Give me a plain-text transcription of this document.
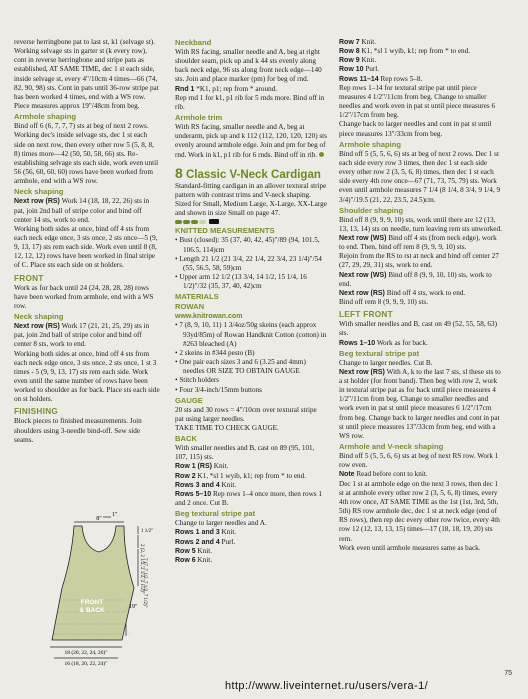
reverse herringbone pat to last st, k1 (selvage st). Working selvage sts in garter st (k every row), cont in reverse herringbone and stripe pats as established, AT SAME TIME, dec 1 st each side, inside selvage st, every 4"/10cm 4 times—66 (74, 82, 90, 98) sts. Cont in pats until 36-row stripe pat has been worked 4 times, end with a WS row.

Piece measures approx 19"/48cm from beg.

Armhole shaping

Bind off 6 (6, 7, 7, 7) sts at beg of next 2 rows. Working dec's inside selvage sts, dec 1 st each side on next row, then every other row 5 (5, 8, 8, 8) times more—42 (50, 50, 58, 66) sts. Re-establishing selvage sts each side, work even until 56 (56, 60, 60, 60) rows have been worked from armhole, end with a WS row.

Neck shaping

Next row (RS) Work 14 (18, 18, 22, 26) sts in pat, join 2nd ball of stripe color and bind off center 14 sts, work to end.

Working both sides at once, bind off 4 sts from each neck edge once, 3 sts once, 2 sts once—5 (9, 9, 13, 17) sts rem each side. Work even until 8 (8, 12, 12, 12) rows have been worked in final stripe of C. Place sts each side on st holders.

FRONT

Work as for back until 24 (24, 28, 28, 28) rows have been worked from armhole, end with a WS row.

Neck shaping

Next row (RS) Work 17 (21, 21, 25, 29) sts in pat, join 2nd ball of stripe color and bind off center 8 sts, work to end.

Working both sides at once, bind off 4 sts from each neck edge once, 3 sts once, 2 sts once, 1 st 3 times - 5 (9, 9, 13, 17) sts rem each side. Work even until the same number of rows have been worked to shoulder as for back. Place sts each side on st holders.

FINISHING

Block pieces to finished measurements. Join shoulders using 3-needle bind-off. Sew side seams.

8"
1"
1 1/2"
2 (2, 2 1/2, 2 1/2, 2 1/2)"
7 (7, 7 1/2, 7 1/2, 7 1/2)"
19"
FRONT
& BACK
18 (20, 22, 24, 26)"
16 (18, 20, 22, 24)"
Neckband

With RS facing, smaller needle and A, beg at right shoulder seam, pick up and k 44 sts evenly along back neck edge, 96 sts along front neck edge—140 sts. Join and place marker (pm) for beg of rnd.

Rnd 1 *K1, p1; rep from * around.

Rep rnd 1 for k1, p1 rib for 5 rnds more. Bind off in rib.

Armhole trim

With RS facing, smaller needle and A, beg at underarm, pick up and k 112 (112, 120, 120, 120) sts evenly around armhole edge. Join and pm for beg of rnd. Work in k1, p1 rib for 6 rnds. Bind off in rib.

8 Classic V-Neck Cardigan

Standard-fitting cardigan in an allover textural stripe pattern with contrast trims and V-neck shaping. Sized for Small, Medium Large, X-Large, XX-Large and shown in size Small on page 47.

KNITTED MEASUREMENTS

• Bust (closed): 35 (37, 40, 42, 45)"/89 (94, 101.5, 106.5, 114)cm

• Length 21 1/2 (21 3/4, 22 1/4, 22 3/4, 23 1/4)"/54 (55, 56.5, 58, 59)cm

• Upper arm 12 1/2 (13 3/4, 14 1/2, 15 1/4, 16 1/2)"/32 (35, 37, 40, 42)cm

MATERIALS
ROWAN
www.knitrowan.com

• 7 (8, 9, 10, 11) 1 3/4oz/50g skeins (each approx 93yd/85m) of Rowan Handknit Cotton (cotton) in #263 bleached (A)

• 2 skeins in #344 pesto (B)

• One pair each sizes 3 and 6 (3.25 and 4mm) needles OR SIZE TO OBTAIN GAUGE

• Stitch holders

• Four 3/4-inch/15mm buttons

GAUGE

20 sts and 30 rows = 4"/10cm over textural stripe pat using larger needles.

TAKE TIME TO CHECK GAUGE.

BACK

With smaller needles and B, cast on 89 (95, 101, 107, 115) sts.

Row 1 (RS) Knit.

Row 2 K1, *sl 1 wyib, k1; rep from * to end.

Rows 3 and 4 Knit.

Rows 5–10 Rep rows 1–4 once more, then rows 1 and 2 once. Cut B.

Beg textural stripe pat

Change to larger needles and A.

Rows 1 and 3 Knit.

Rows 2 and 4 Purl.

Row 5 Knit.

Row 6 Knit.

Row 7 Knit.

Row 8 K1, *sl 1 wyib, k1; rep from * to end.

Row 9 Knit.

Row 10 Purl.

Rows 11–14 Rep rows 5–8.

Rep rows 1–14 for textural stripe pat until piece measures 4 1/2"/11cm from beg. Change to smaller needles and work even in pat st until piece measures 6 1/2"/17cm from beg.

Change back to larger needles and cont in pat st until piece measures 13"/33cm from beg.

Armhole shaping

Bind off 5 (5, 5, 6, 6) sts at beg of next 2 rows. Dec 1 st each side every row 3 times, then dec 1 st each side every other row 2 (3, 5, 6, 8) times, then dec 1 st each side every 4th row once—67 (71, 73, 75, 79) sts. Work even until armhole measures 7 1/4 (8 1/4, 8 3/4, 9 1/4, 9 3/4)"/19.5 (21, 22, 23.5, 24.5)cm.

Shoulder shaping

Bind off 8 (9, 9, 9, 10) sts, work until there are 12 (13, 13, 13, 14) sts on needle, turn leaving rem sts unworked.

Next row (WS) Bind off 4 sts (from neck edge), work to end. Then, bind off rem 8 (9, 9, 9, 10) sts.

Rejoin from the RS to rst at neck and bind off center 27 (27, 29, 29, 31) sts, work to end.

Next row (WS) Bind off 8 (9, 9, 10, 10) sts, work to end.

Next row (RS) Bind off 4 sts, work to end.

Bind off rem 8 (9, 9, 9, 10) sts.

LEFT FRONT

With smaller needles and B, cast on 49 (52, 55, 58, 63) sts.

Rows 1–10 Work as for back.

Beg textural stripe pat

Change to larger needles. Cut B.

Next row (RS) With A, k to the last 7 sts, sl these sts to a st holder (for front band). Then beg with row 2, work in textural stripe pat as for back until piece measures 4 1/2"/11cm from beg. Change to smaller needles and work even in pat st until piece measures 6 1/2"/17cm from beg. Change back to larger needles and cont in pat st until piece measures 13"/33cm from beg, end with a WS row.

Armhole and V-neck shaping

Bind off 5 (5, 5, 6, 6) sts at beg of next RS row. Work 1 row even.

Note Read before cont to knit.

Dec 1 st at armhole edge on the next 3 rows, then dec 1 st at armhole every other row 2 (3, 5, 6, 8) times, every 4th row once, AT SAME TIME as the 1st (1st, 3rd, 5th, 5th) RS row armhole dec, dec 1 st at neck edge (end of RS rows), then rep dec every other row twice, every 4th row 12 (12, 13, 13, 15) times—17 (18, 18, 19, 20) sts rem.

Work even until armhole measures same as back.

75
http://www.liveinternet.ru/users/vera-1/
